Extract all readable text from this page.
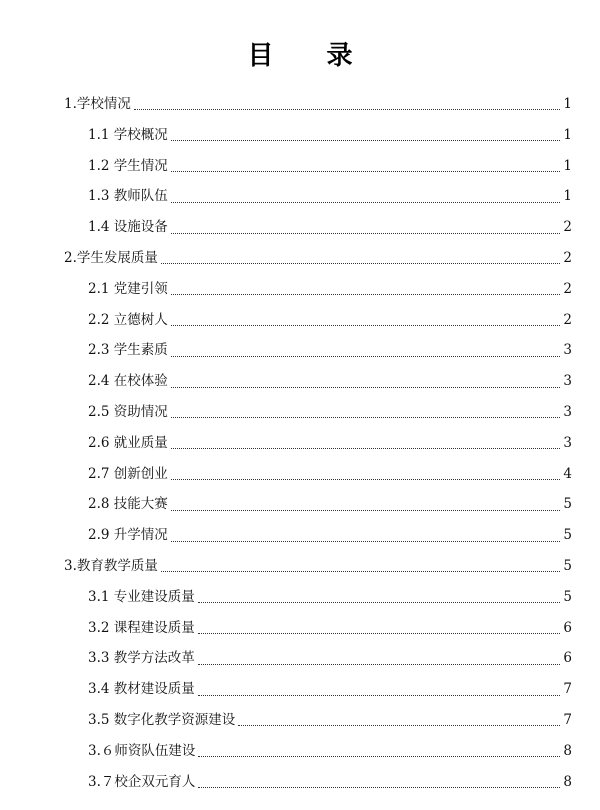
目 录
1.学校情况	1
1.1 学校概况	1
1.2 学生情况	1
1.3 教师队伍	1
1.4 设施设备	2
2.学生发展质量	2
2.1 党建引领	2
2.2 立德树人	2
2.3 学生素质	3
2.4 在校体验	3
2.5 资助情况	3
2.6 就业质量	3
2.7 创新创业	4
2.8 技能大赛	5
2.9 升学情况	5
3.教育教学质量	5
3.1 专业建设质量	5
3.2 课程建设质量	6
3.3 教学方法改革	6
3.4 教材建设质量	7
3.5 数字化教学资源建设	7
3.６师资队伍建设	8
3.７校企双元育人	8
